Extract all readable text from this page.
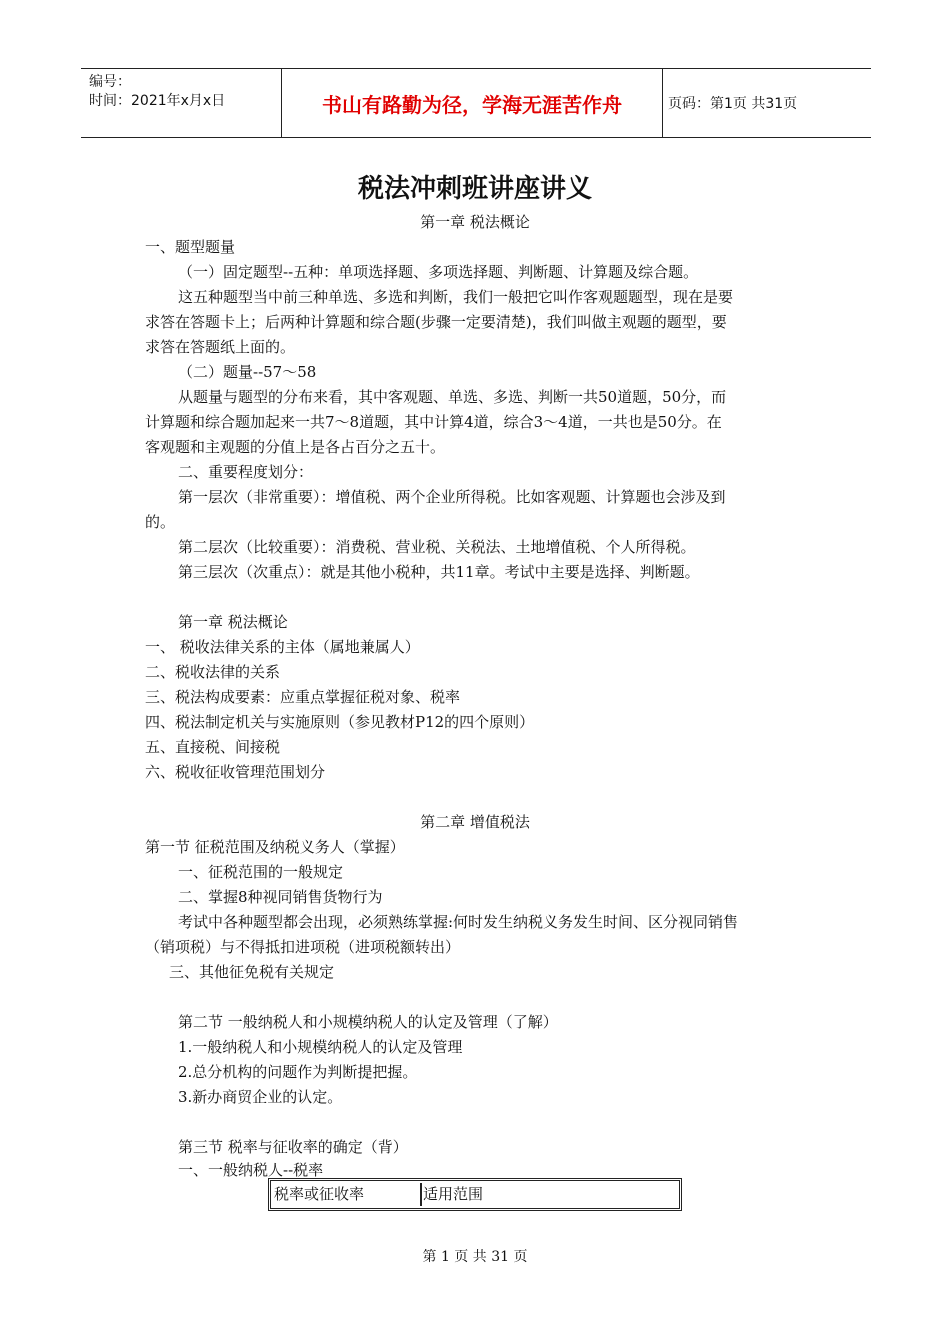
编号：
时间：2021年x月x日	书山有路勤为径，学海无涯苦作舟	页码：第1页 共31页
税法冲刺班讲座讲义
第一章 税法概论
一、题型题量
（一）固定题型--五种：单项选择题、多项选择题、判断题、计算题及综合题。
这五种题型当中前三种单选、多选和判断，我们一般把它叫作客观题题型，现在是要
求答在答题卡上；后两种计算题和综合题(步骤一定要清楚)，我们叫做主观题的题型，要
求答在答题纸上面的。
（二）题量--57～58
从题量与题型的分布来看，其中客观题、单选、多选、判断一共50道题，50分，而
计算题和综合题加起来一共7～8道题，其中计算4道，综合3～4道，一共也是50分。在
客观题和主观题的分值上是各占百分之五十。
二、重要程度划分：
第一层次（非常重要）：增值税、两个企业所得税。比如客观题、计算题也会涉及到
的。
第二层次（比较重要）：消费税、营业税、关税法、土地增值税、个人所得税。
第三层次（次重点）：就是其他小税种，共11章。考试中主要是选择、判断题。
第一章 税法概论
一、 税收法律关系的主体（属地兼属人）
二、税收法律的关系
三、税法构成要素：应重点掌握征税对象、税率
四、税法制定机关与实施原则（参见教材P12的四个原则）
五、直接税、间接税
六、税收征收管理范围划分
第二章 增值税法
第一节 征税范围及纳税义务人（掌握）
一、征税范围的一般规定
二、掌握8种视同销售货物行为
考试中各种题型都会出现，必须熟练掌握:何时发生纳税义务发生时间、区分视同销售
（销项税）与不得抵扣进项税（进项税额转出）
三、其他征免税有关规定
第二节 一般纳税人和小规模纳税人的认定及管理（了解）
1.一般纳税人和小规模纳税人的认定及管理
2.总分机构的问题作为判断提把握。
3.新办商贸企业的认定。
第三节 税率与征收率的确定（背）
一、一般纳税人--税率
税率或征收率	适用范围
第 1 页 共 31 页
